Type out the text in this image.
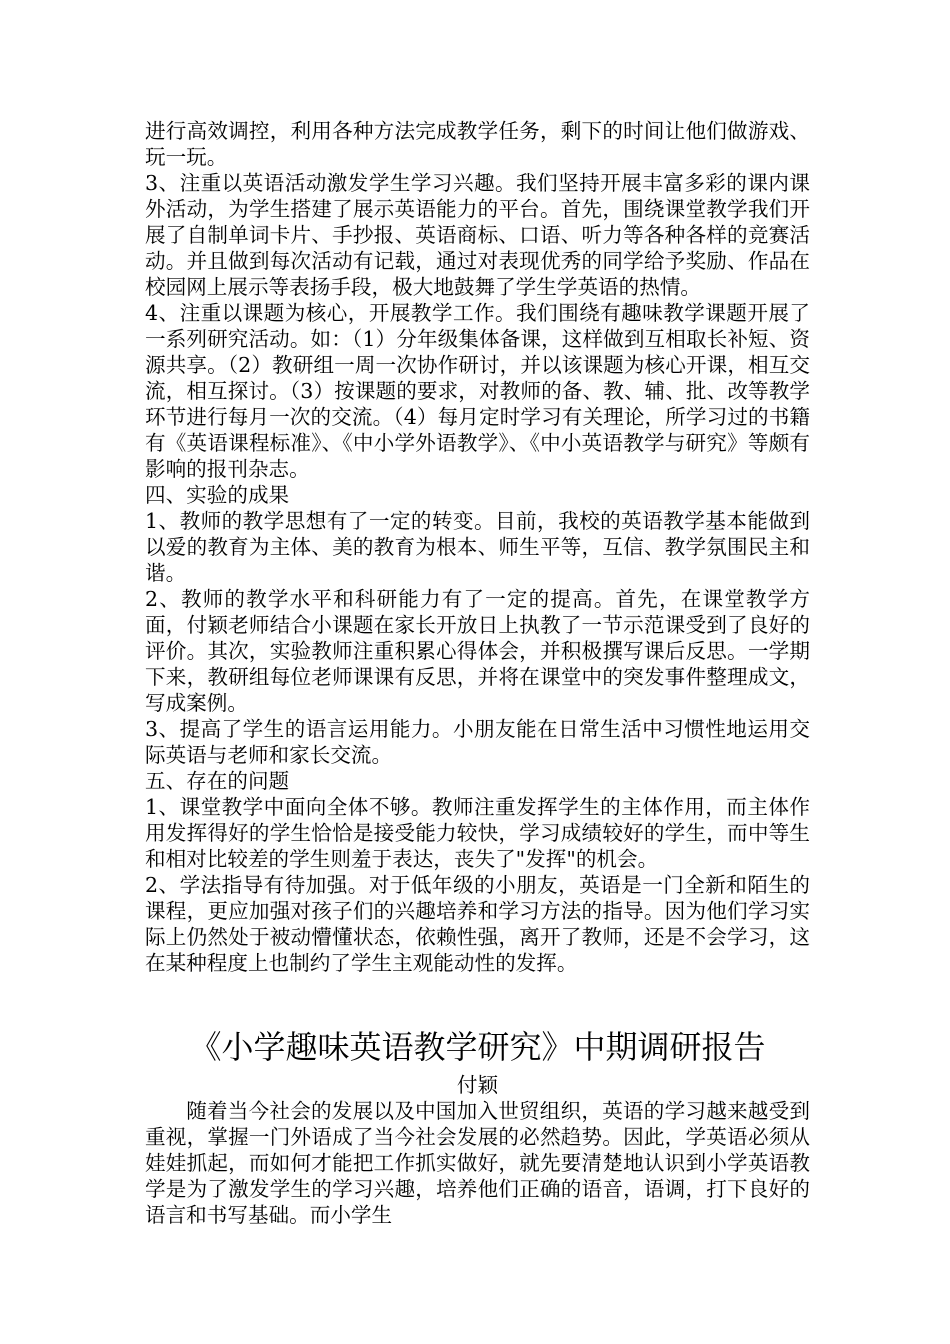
进行高效调控，利用各种方法完成教学任务，剩下的时间让他们做游戏、玩一玩。

3、注重以英语活动激发学生学习兴趣。我们坚持开展丰富多彩的课内课外活动，为学生搭建了展示英语能力的平台。首先，围绕课堂教学我们开展了自制单词卡片、手抄报、英语商标、口语、听力等各种各样的竞赛活动。并且做到每次活动有记载，通过对表现优秀的同学给予奖励、作品在校园网上展示等表扬手段，极大地鼓舞了学生学英语的热情。

4、注重以课题为核心，开展教学工作。我们围绕有趣味教学课题开展了一系列研究活动。如：（1）分年级集体备课，这样做到互相取长补短、资源共享。（2）教研组一周一次协作研讨，并以该课题为核心开课，相互交流，相互探讨。（3）按课题的要求，对教师的备、教、辅、批、改等教学环节进行每月一次的交流。（4）每月定时学习有关理论，所学习过的书籍有《英语课程标准》、《中小学外语教学》、《中小英语教学与研究》等颇有影响的报刊杂志。

四、实验的成果

1、教师的教学思想有了一定的转变。目前，我校的英语教学基本能做到以爱的教育为主体、美的教育为根本、师生平等，互信、教学氛围民主和谐。

2、教师的教学水平和科研能力有了一定的提高。首先，在课堂教学方面，付颖老师结合小课题在家长开放日上执教了一节示范课受到了良好的评价。其次，实验教师注重积累心得体会，并积极撰写课后反思。一学期下来，教研组每位老师课课有反思，并将在课堂中的突发事件整理成文，写成案例。

3、提高了学生的语言运用能力。小朋友能在日常生活中习惯性地运用交际英语与老师和家长交流。

五、存在的问题

1、课堂教学中面向全体不够。教师注重发挥学生的主体作用，而主体作用发挥得好的学生恰恰是接受能力较快，学习成绩较好的学生，而中等生和相对比较差的学生则羞于表达，丧失了"发挥"的机会。

2、学法指导有待加强。对于低年级的小朋友，英语是一门全新和陌生的课程，更应加强对孩子们的兴趣培养和学习方法的指导。因为他们学习实际上仍然处于被动懵懂状态，依赖性强，离开了教师，还是不会学习，这在某种程度上也制约了学生主观能动性的发挥。

《小学趣味英语教学研究》中期调研报告
付颖

随着当今社会的发展以及中国加入世贸组织，英语的学习越来越受到重视，掌握一门外语成了当今社会发展的必然趋势。因此，学英语必须从娃娃抓起，而如何才能把工作抓实做好，就先要清楚地认识到小学英语教学是为了激发学生的学习兴趣，培养他们正确的语音，语调，打下良好的语言和书写基础。而小学生
